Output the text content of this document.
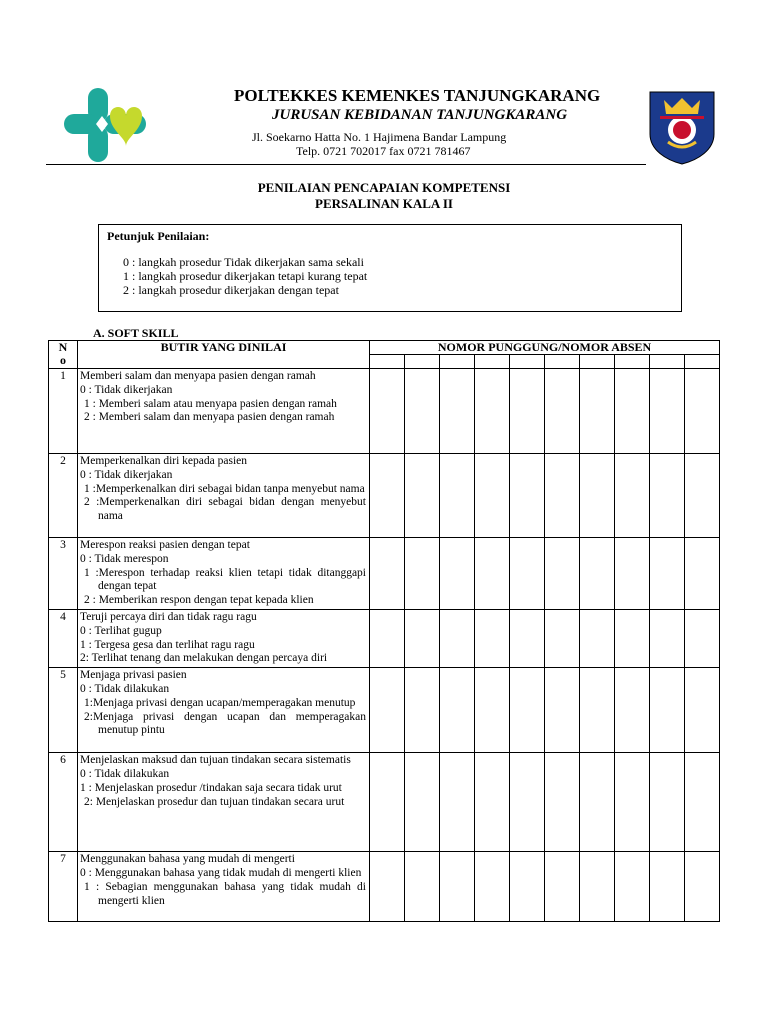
POLTEKKES KEMENKES TANJUNGKARANG
JURUSAN KEBIDANAN TANJUNGKARANG
Jl. Soekarno Hatta No. 1 Hajimena Bandar Lampung
Telp. 0721 702017 fax 0721 781467
PENILAIAN PENCAPAIAN KOMPETENSI
PERSALINAN KALA II
Petunjuk Penilaian:
0 : langkah prosedur Tidak dikerjakan sama sekali
1 : langkah prosedur dikerjakan tetapi kurang tepat
2 : langkah prosedur dikerjakan dengan tepat
A. SOFT SKILL
N o	BUTIR YANG DINILAI	NOMOR PUNGGUNG/NOMOR ABSEN									

1	Memberi salam dan menyapa pasien dengan ramah
0 : Tidak dikerjakan
1 : Memberi salam atau menyapa pasien dengan ramah
2 : Memberi salam dan menyapa pasien dengan ramah										

2	Memperkenalkan diri kepada pasien
0 : Tidak dikerjakan
1 :Memperkenalkan diri sebagai bidan tanpa menyebut nama
2 :Memperkenalkan diri sebagai bidan dengan menyebut nama										

3	Merespon reaksi pasien dengan tepat
0 : Tidak merespon
1 :Merespon terhadap reaksi klien tetapi tidak ditanggapi dengan tepat
2 : Memberikan respon dengan tepat kepada klien										

4	Teruji percaya diri dan tidak ragu ragu
0 : Terlihat gugup
1 : Tergesa gesa dan terlihat ragu ragu
2: Terlihat tenang dan melakukan dengan percaya diri										

5	Menjaga privasi pasien
0 : Tidak dilakukan
1:Menjaga privasi dengan ucapan/memperagakan menutup
2:Menjaga privasi dengan ucapan dan memperagakan menutup pintu										

6	Menjelaskan maksud dan tujuan tindakan secara sistematis
0 : Tidak dilakukan
1 : Menjelaskan prosedur /tindakan saja secara tidak urut
2: Menjelaskan prosedur dan tujuan tindakan secara urut										

7	Menggunakan bahasa yang mudah di mengerti
0 : Menggunakan bahasa yang tidak mudah di mengerti klien
1 : Sebagian menggunakan bahasa yang tidak mudah di mengerti klien										
